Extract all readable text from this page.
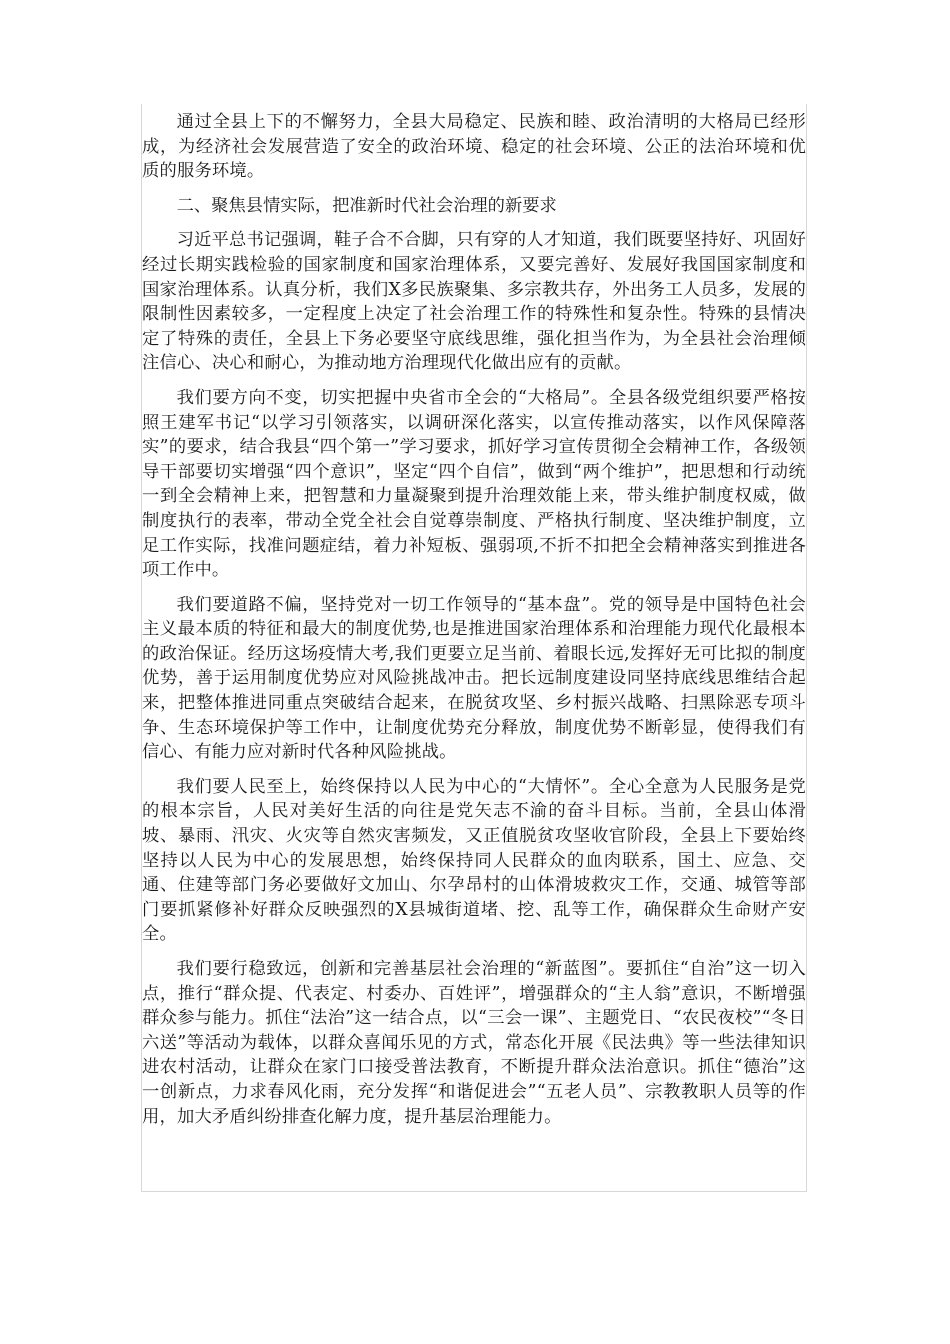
通过全县上下的不懈努力，全县大局稳定、民族和睦、政治清明的大格局已经形成，为经济社会发展营造了安全的政治环境、稳定的社会环境、公正的法治环境和优质的服务环境。

二、聚焦县情实际，把准新时代社会治理的新要求

习近平总书记强调，鞋子合不合脚，只有穿的人才知道，我们既要坚持好、巩固好经过长期实践检验的国家制度和国家治理体系，又要完善好、发展好我国国家制度和国家治理体系。认真分析，我们X多民族聚集、多宗教共存，外出务工人员多，发展的限制性因素较多，一定程度上决定了社会治理工作的特殊性和复杂性。特殊的县情决定了特殊的责任，全县上下务必要坚守底线思维，强化担当作为，为全县社会治理倾注信心、决心和耐心，为推动地方治理现代化做出应有的贡献。

我们要方向不变，切实把握中央省市全会的“大格局”。全县各级党组织要严格按照王建军书记“以学习引领落实，以调研深化落实，以宣传推动落实，以作风保障落实”的要求，结合我县“四个第一”学习要求，抓好学习宣传贯彻全会精神工作，各级领导干部要切实增强“四个意识”，坚定“四个自信”，做到“两个维护”，把思想和行动统一到全会精神上来，把智慧和力量凝聚到提升治理效能上来，带头维护制度权威，做制度执行的表率，带动全党全社会自觉尊崇制度、严格执行制度、坚决维护制度，立足工作实际，找准问题症结，着力补短板、强弱项,不折不扣把全会精神落实到推进各项工作中。

我们要道路不偏，坚持党对一切工作领导的“基本盘”。党的领导是中国特色社会主义最本质的特征和最大的制度优势,也是推进国家治理体系和治理能力现代化最根本的政治保证。经历这场疫情大考,我们更要立足当前、着眼长远,发挥好无可比拟的制度优势，善于运用制度优势应对风险挑战冲击。把长远制度建设同坚持底线思维结合起来，把整体推进同重点突破结合起来，在脱贫攻坚、乡村振兴战略、扫黑除恶专项斗争、生态环境保护等工作中，让制度优势充分释放，制度优势不断彰显，使得我们有信心、有能力应对新时代各种风险挑战。

我们要人民至上，始终保持以人民为中心的“大情怀”。全心全意为人民服务是党的根本宗旨，人民对美好生活的向往是党矢志不渝的奋斗目标。当前，全县山体滑坡、暴雨、汛灾、火灾等自然灾害频发，又正值脱贫攻坚收官阶段，全县上下要始终坚持以人民为中心的发展思想，始终保持同人民群众的血肉联系，国土、应急、交通、住建等部门务必要做好文加山、尔孕昂村的山体滑坡救灾工作，交通、城管等部门要抓紧修补好群众反映强烈的X县城街道堵、挖、乱等工作，确保群众生命财产安全。

我们要行稳致远，创新和完善基层社会治理的“新蓝图”。要抓住“自治”这一切入点，推行“群众提、代表定、村委办、百姓评”，增强群众的“主人翁”意识，不断增强群众参与能力。抓住“法治”这一结合点，以“三会一课”、主题党日、“农民夜校”“冬日六送”等活动为载体，以群众喜闻乐见的方式，常态化开展《民法典》等一些法律知识进农村活动，让群众在家门口接受普法教育，不断提升群众法治意识。抓住“德治”这一创新点，力求春风化雨，充分发挥“和谐促进会”“五老人员”、宗教教职人员等的作用，加大矛盾纠纷排查化解力度，提升基层治理能力。
